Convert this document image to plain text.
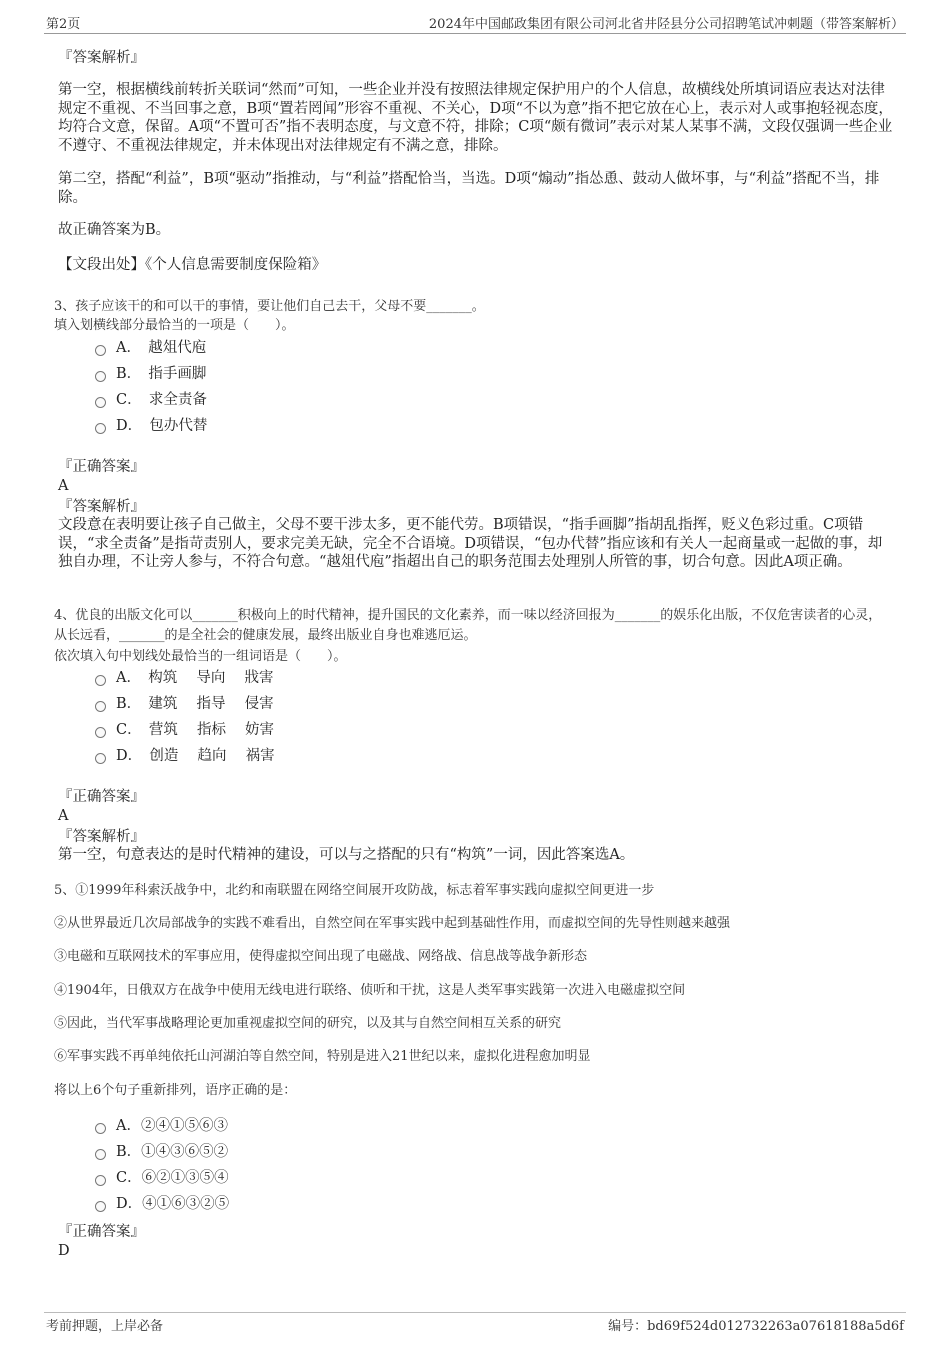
第2页	2024年中国邮政集团有限公司河北省井陉县分公司招聘笔试冲刺题（带答案解析）
『答案解析』
第一空，根据横线前转折关联词“然而”可知，一些企业并没有按照法律规定保护用户的个人信息，故横线处所填词语应表达对法律规定不重视、不当回事之意，B项“置若罔闻”形容不重视、不关心，D项“不以为意”指不把它放在心上，表示对人或事抱轻视态度，均符合文意，保留。A项“不置可否”指不表明态度，与文意不符，排除；C项“颇有微词”表示对某人某事不满，文段仅强调一些企业不遵守、不重视法律规定，并未体现出对法律规定有不满之意，排除。
第二空，搭配“利益”，B项“驱动”指推动，与“利益”搭配恰当，当选。D项“煽动”指怂恿、鼓动人做坏事，与“利益”搭配不当，排除。
故正确答案为B。
【文段出处】《个人信息需要制度保险箱》
3、孩子应该干的和可以干的事情，要让他们自己去干，父母不要_______。
填入划横线部分最恰当的一项是（　　）。
A．　越俎代庖
B．　指手画脚
C．　求全责备
D．　包办代替
『正确答案』
A
『答案解析』
文段意在表明要让孩子自己做主，父母不要干涉太多，更不能代劳。B项错误，“指手画脚”指胡乱指挥，贬义色彩过重。C项错误，“求全责备”是指苛责别人，要求完美无缺，完全不合语境。D项错误，“包办代替”指应该和有关人一起商量或一起做的事，却独自办理，不让旁人参与，不符合句意。“越俎代庖”指超出自己的职务范围去处理别人所管的事，切合句意。因此A项正确。
4、优良的出版文化可以_______积极向上的时代精神，提升国民的文化素养，而一味以经济回报为_______的娱乐化出版，不仅危害读者的心灵，从长远看，_______的是全社会的健康发展，最终出版业自身也难逃厄运。
依次填入句中划线处最恰当的一组词语是（　　）。
A．　构筑　 导向　 戕害
B．　建筑　 指导　 侵害
C．　营筑　 指标　 妨害
D．　创造　 趋向　 祸害
『正确答案』
A
『答案解析』
第一空，句意表达的是时代精神的建设，可以与之搭配的只有“构筑”一词，因此答案选A。
5、①1999年科索沃战争中，北约和南联盟在网络空间展开攻防战，标志着军事实践向虚拟空间更进一步
②从世界最近几次局部战争的实践不难看出，自然空间在军事实践中起到基础性作用，而虚拟空间的先导性则越来越强
③电磁和互联网技术的军事应用，使得虚拟空间出现了电磁战、网络战、信息战等战争新形态
④1904年，日俄双方在战争中使用无线电进行联络、侦听和干扰，这是人类军事实践第一次进入电磁虚拟空间
⑤因此，当代军事战略理论更加重视虚拟空间的研究，以及其与自然空间相互关系的研究
⑥军事实践不再单纯依托山河湖泊等自然空间，特别是进入21世纪以来，虚拟化进程愈加明显
将以上6个句子重新排列，语序正确的是：
A．②④①⑤⑥③
B．①④③⑥⑤②
C．⑥②①③⑤④
D．④①⑥③②⑤
『正确答案』
D
考前押题，上岸必备	编号：bd69f524d012732263a07618188a5d6f
